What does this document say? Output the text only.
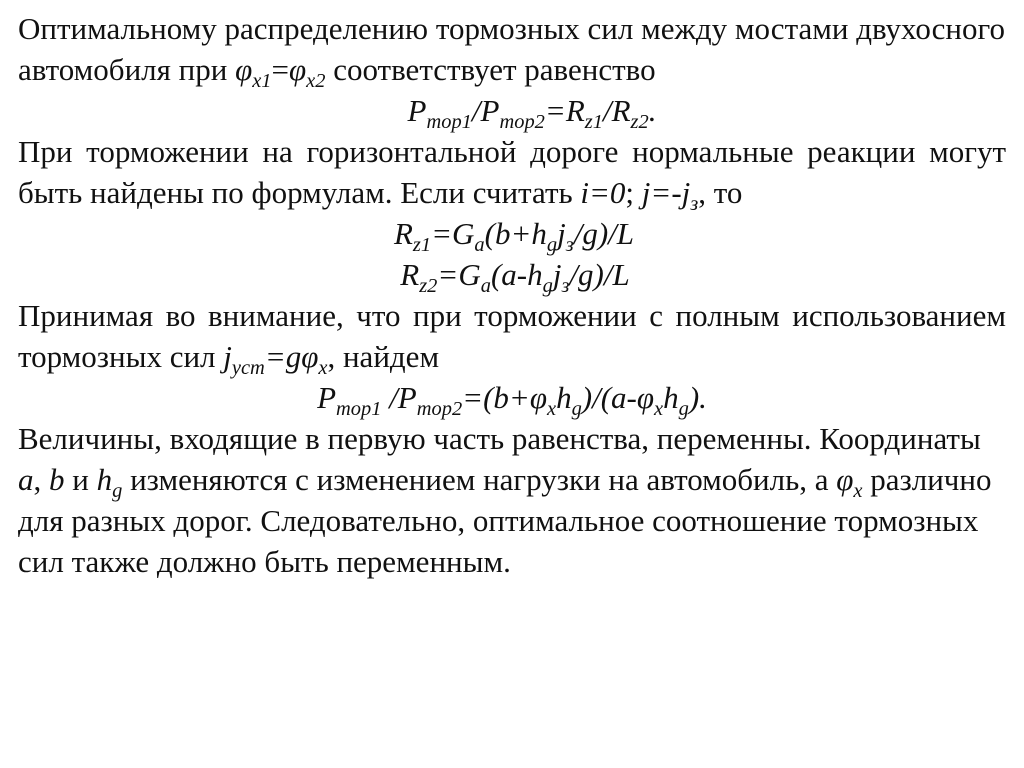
Оптимальному распределению тормозных сил между мостами двухосного автомобиля при $\varphi_{x1}=\varphi_{x2}$ соответствует равенство

$P_{тор1}/P_{тор2}=R_{z1}/R_{z2}$.

При торможении на горизонтальной дороге нормальные реакции могут быть найдены по формулам. Если считать i=0; $j=-j_з$, то

$R_{z1}=G_a(b+h_gj_з/g)/L$

$R_{z2}=G_a(a-h_gj_з/g)/L$

Принимая во внимание, что при торможении с полным использованием тормозных сил $j_{уст}=g\varphi_x$, найдем

$P_{тор1}$ $/P_{тор2}=(b+\varphi_xh_g)/(a-\varphi_xh_g)$.

Величины, входящие в первую часть равенства, переменны. Координаты a, b и $h_g$ изменяются с изменением нагрузки на автомобиль, а $\varphi_x$ различно для разных дорог. Следовательно, оптимальное соотношение тормозных сил также должно быть переменным.
